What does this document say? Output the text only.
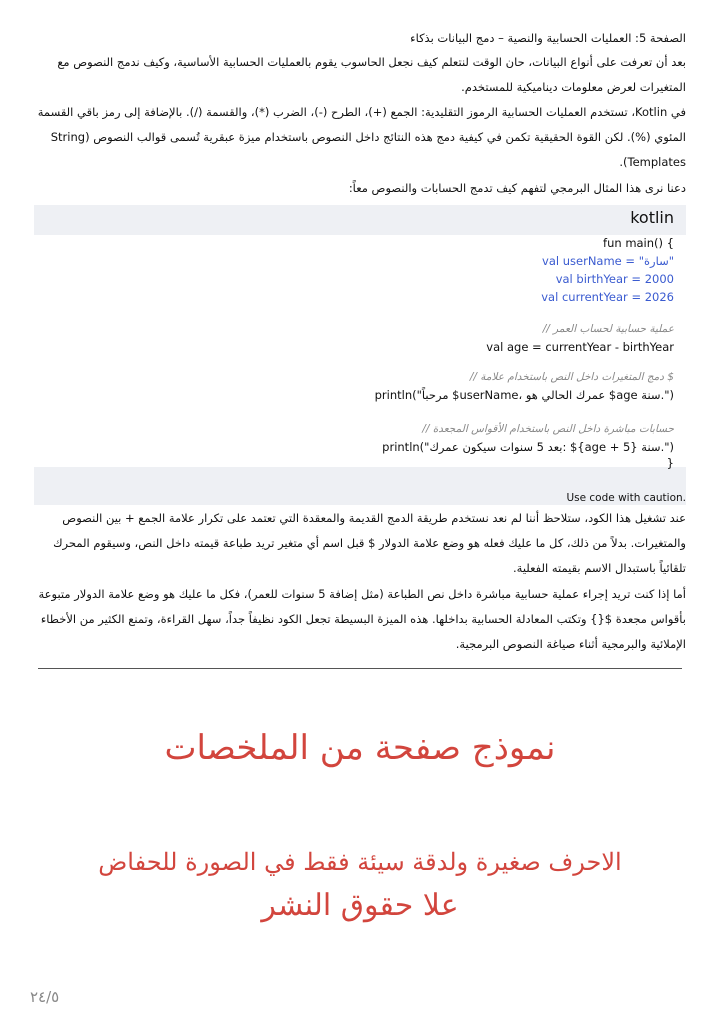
الصفحة 5: العمليات الحسابية والنصية – دمج البيانات بذكاء
بعد أن تعرفت على أنواع البيانات، حان الوقت لنتعلم كيف نجعل الحاسوب يقوم بالعمليات الحسابية الأساسية، وكيف ندمج النصوص مع المتغيرات لعرض معلومات ديناميكية للمستخدم.
في Kotlin، تستخدم العمليات الحسابية الرموز التقليدية: الجمع (+)، الطرح (-)، الضرب (*)، والقسمة (/). بالإضافة إلى رمز باقي القسمة المئوي (%). لكن القوة الحقيقية تكمن في كيفية دمج هذه النتائج داخل النصوص باستخدام ميزة عبقرية تُسمى قوالب النصوص (String Templates).
دعنا نرى هذا المثال البرمجي لتفهم كيف تدمج الحسابات والنصوص معاً:
kotlin
fun main() {
val userName = "سارة"
val birthYear = 2000
val currentYear = 2026
// عملية حسابية لحساب العمر
val age = currentYear - birthYear
// دمج المتغيرات داخل النص باستخدام علامة $
println("مرحباً $userName، عمرك الحالي هو $age سنة.")
// حسابات مباشرة داخل النص باستخدام الأقواس المجعدة
println("بعد 5 سنوات سيكون عمرك: ${age + 5} سنة.")
}
Use code with caution.
عند تشغيل هذا الكود، ستلاحظ أننا لم نعد نستخدم طريقة الدمج القديمة والمعقدة التي تعتمد على تكرار علامة الجمع + بين النصوص والمتغيرات. بدلاً من ذلك، كل ما عليك فعله هو وضع علامة الدولار $ قبل اسم أي متغير تريد طباعة قيمته داخل النص، وسيقوم المحرك تلقائياً باستبدال الاسم بقيمته الفعلية.
أما إذا كنت تريد إجراء عملية حسابية مباشرة داخل نص الطباعة (مثل إضافة 5 سنوات للعمر)، فكل ما عليك هو وضع علامة الدولار متبوعة بأقواس مجعدة ${} وتكتب المعادلة الحسابية بداخلها. هذه الميزة البسيطة تجعل الكود نظيفاً جداً، سهل القراءة، وتمنع الكثير من الأخطاء الإملائية والبرمجية أثناء صياغة النصوص البرمجية.
نموذج صفحة من الملخصات
الاحرف صغيرة ولدقة سيئة فقط في الصورة للحفاض
علا حقوق النشر
٢٤/٥
